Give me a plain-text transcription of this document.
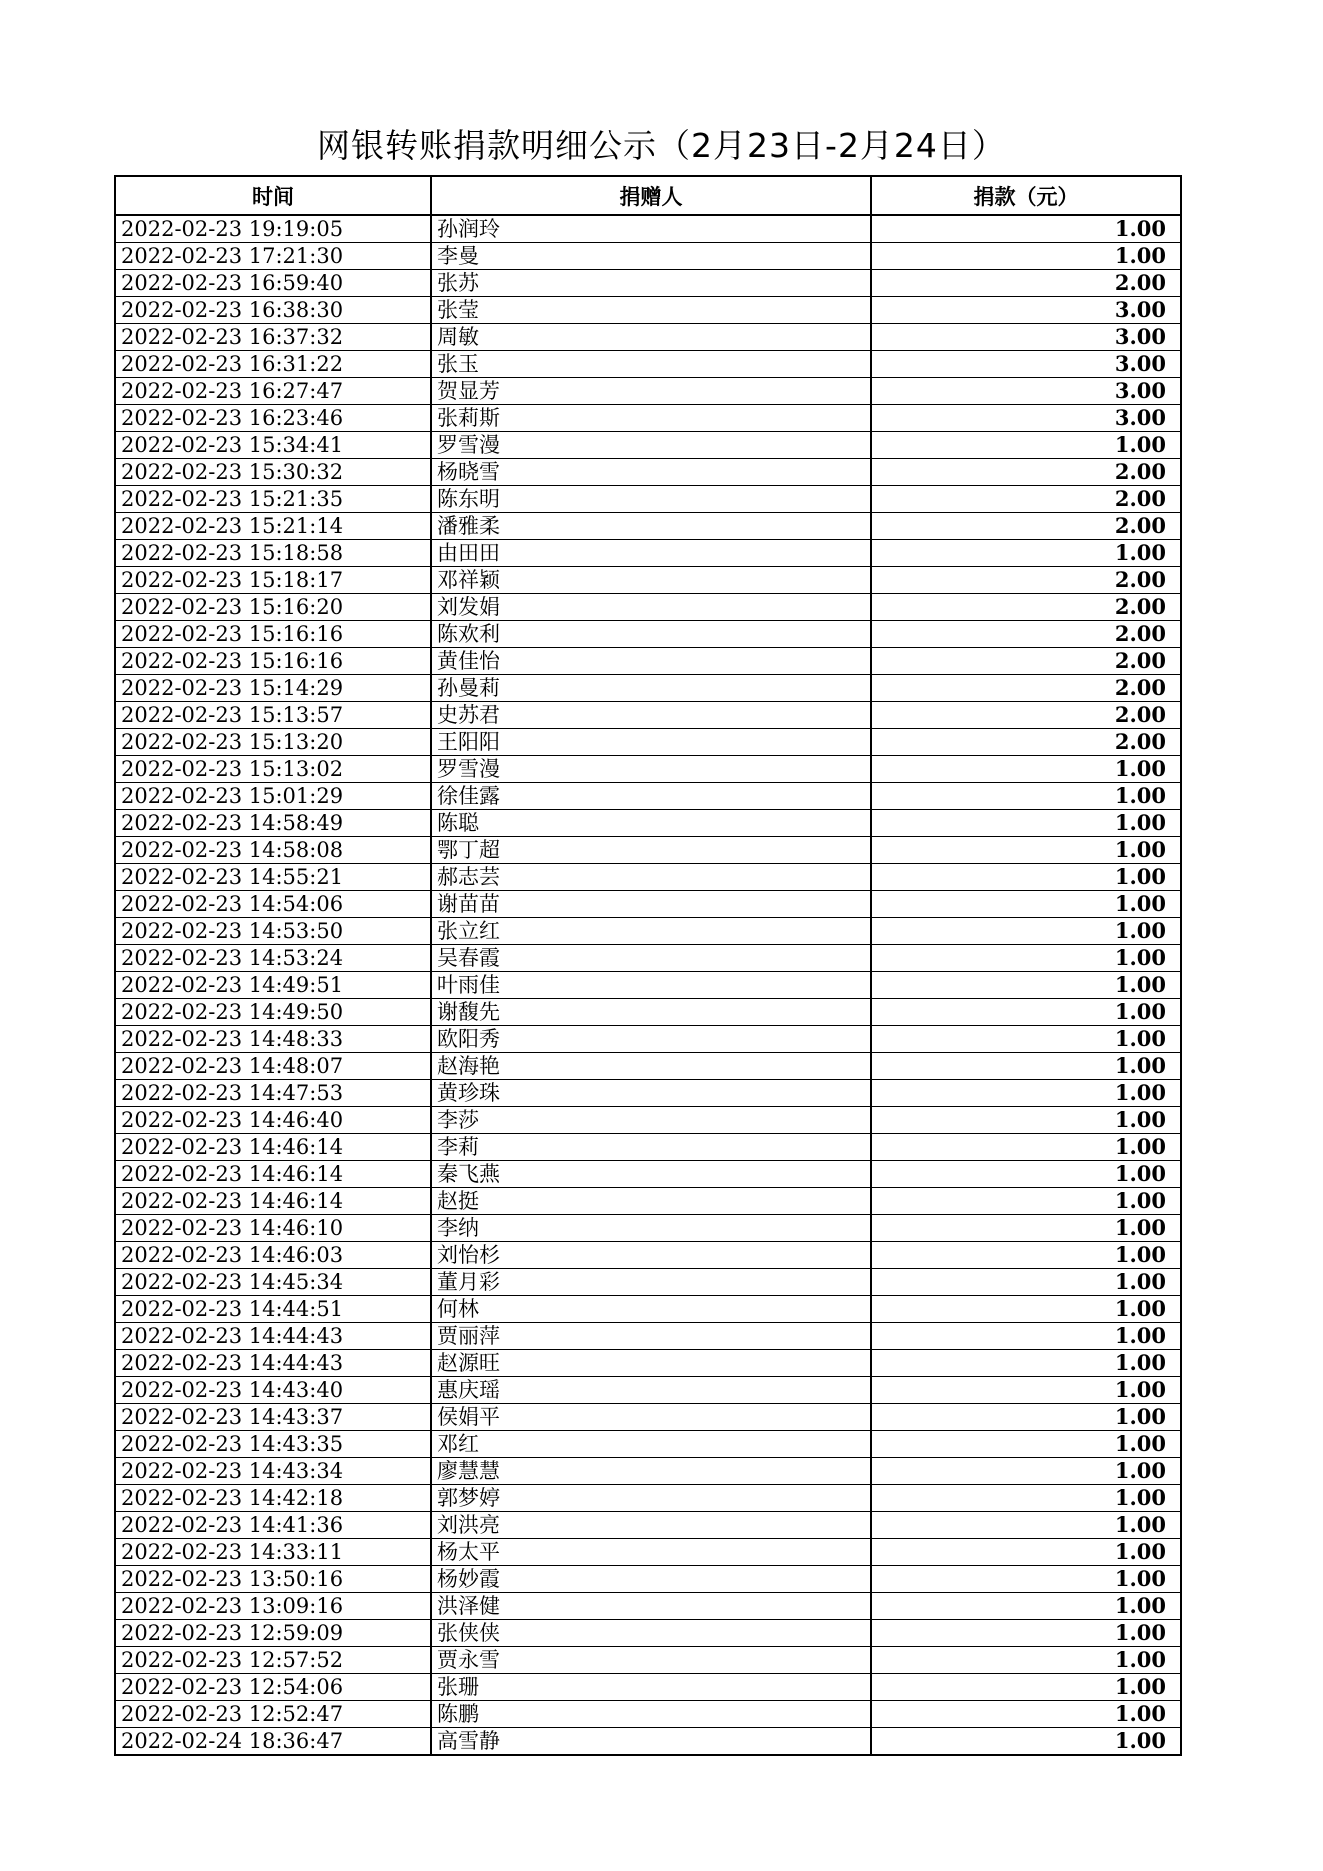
网银转账捐款明细公示（2月23日-2月24日）
时间	捐赠人	捐款（元）
2022-02-23 19:19:05	孙润玲	1.00
2022-02-23 17:21:30	李曼	1.00
2022-02-23 16:59:40	张苏	2.00
2022-02-23 16:38:30	张莹	3.00
2022-02-23 16:37:32	周敏	3.00
2022-02-23 16:31:22	张玉	3.00
2022-02-23 16:27:47	贺显芳	3.00
2022-02-23 16:23:46	张莉斯	3.00
2022-02-23 15:34:41	罗雪漫	1.00
2022-02-23 15:30:32	杨晓雪	2.00
2022-02-23 15:21:35	陈东明	2.00
2022-02-23 15:21:14	潘雅柔	2.00
2022-02-23 15:18:58	由田田	1.00
2022-02-23 15:18:17	邓祥颖	2.00
2022-02-23 15:16:20	刘发娟	2.00
2022-02-23 15:16:16	陈欢利	2.00
2022-02-23 15:16:16	黄佳怡	2.00
2022-02-23 15:14:29	孙曼莉	2.00
2022-02-23 15:13:57	史苏君	2.00
2022-02-23 15:13:20	王阳阳	2.00
2022-02-23 15:13:02	罗雪漫	1.00
2022-02-23 15:01:29	徐佳露	1.00
2022-02-23 14:58:49	陈聪	1.00
2022-02-23 14:58:08	鄂丁超	1.00
2022-02-23 14:55:21	郝志芸	1.00
2022-02-23 14:54:06	谢苗苗	1.00
2022-02-23 14:53:50	张立红	1.00
2022-02-23 14:53:24	吴春霞	1.00
2022-02-23 14:49:51	叶雨佳	1.00
2022-02-23 14:49:50	谢馥先	1.00
2022-02-23 14:48:33	欧阳秀	1.00
2022-02-23 14:48:07	赵海艳	1.00
2022-02-23 14:47:53	黄珍珠	1.00
2022-02-23 14:46:40	李莎	1.00
2022-02-23 14:46:14	李莉	1.00
2022-02-23 14:46:14	秦飞燕	1.00
2022-02-23 14:46:14	赵挺	1.00
2022-02-23 14:46:10	李纳	1.00
2022-02-23 14:46:03	刘怡杉	1.00
2022-02-23 14:45:34	董月彩	1.00
2022-02-23 14:44:51	何林	1.00
2022-02-23 14:44:43	贾丽萍	1.00
2022-02-23 14:44:43	赵源旺	1.00
2022-02-23 14:43:40	惠庆瑶	1.00
2022-02-23 14:43:37	侯娟平	1.00
2022-02-23 14:43:35	邓红	1.00
2022-02-23 14:43:34	廖慧慧	1.00
2022-02-23 14:42:18	郭梦婷	1.00
2022-02-23 14:41:36	刘洪亮	1.00
2022-02-23 14:33:11	杨太平	1.00
2022-02-23 13:50:16	杨妙霞	1.00
2022-02-23 13:09:16	洪泽健	1.00
2022-02-23 12:59:09	张侠侠	1.00
2022-02-23 12:57:52	贾永雪	1.00
2022-02-23 12:54:06	张珊	1.00
2022-02-23 12:52:47	陈鹏	1.00
2022-02-24 18:36:47	高雪静	1.00
